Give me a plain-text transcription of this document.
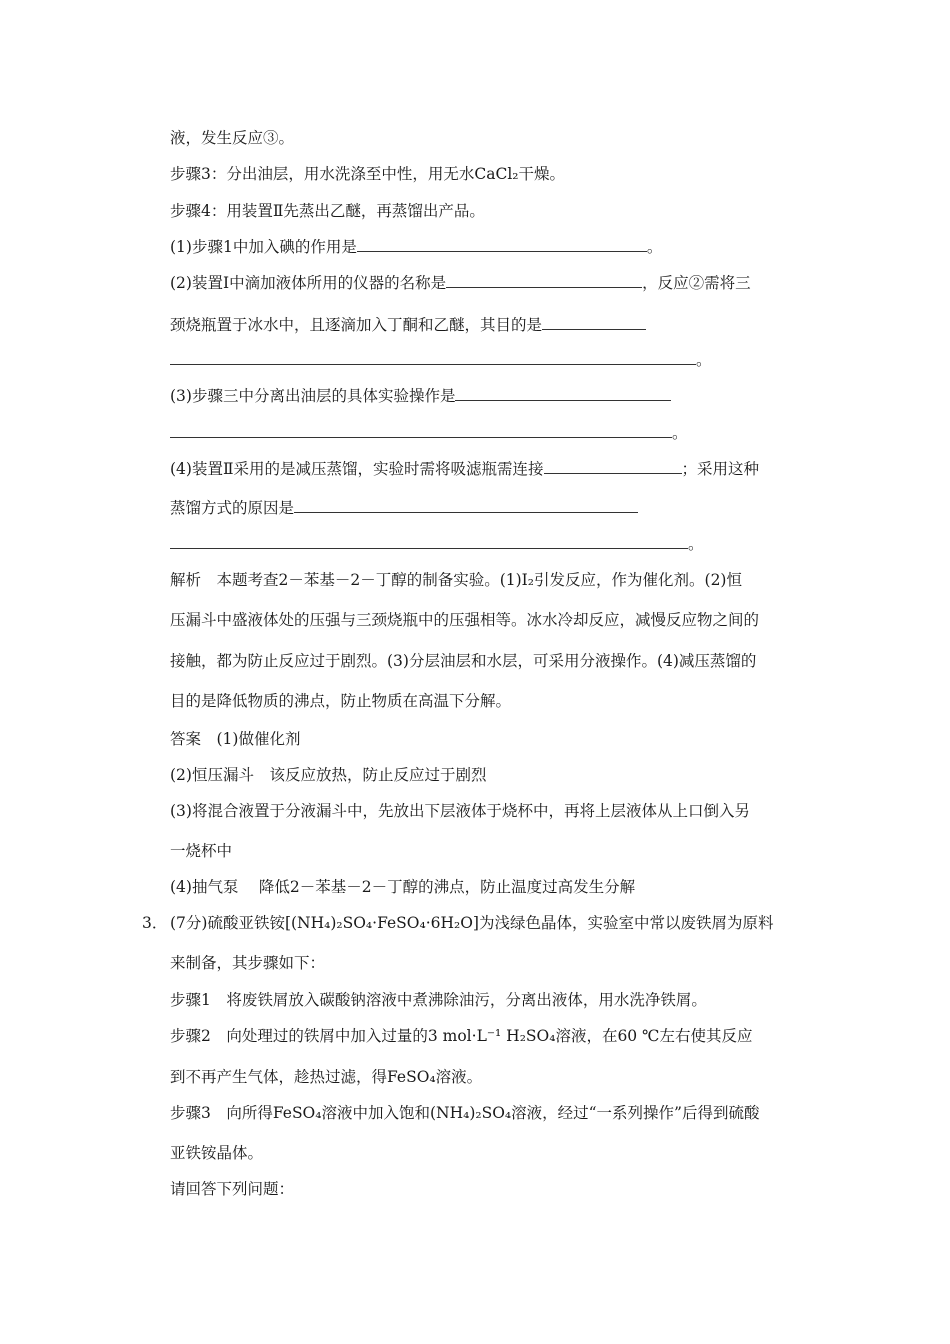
液，发生反应③。
步骤3：分出油层，用水洗涤至中性，用无水CaCl₂干燥。
步骤4：用装置Ⅱ先蒸出乙醚，再蒸馏出产品。
(1)步骤1中加入碘的作用是	。
(2)装置Ⅰ中滴加液体所用的仪器的名称是	，反应②需将三
颈烧瓶置于冰水中，且逐滴加入丁酮和乙醚，其目的是
。
(3)步骤三中分离出油层的具体实验操作是
。
(4)装置Ⅱ采用的是减压蒸馏，实验时需将吸滤瓶需连接	；采用这种
蒸馏方式的原因是
。
解析　本题考查2－苯基－2－丁醇的制备实验。(1)I₂引发反应，作为催化剂。(2)恒
压漏斗中盛液体处的压强与三颈烧瓶中的压强相等。冰水冷却反应，减慢反应物之间的
接触，都为防止反应过于剧烈。(3)分层油层和水层，可采用分液操作。(4)减压蒸馏的
目的是降低物质的沸点，防止物质在高温下分解。
答案　(1)做催化剂
(2)恒压漏斗　该反应放热，防止反应过于剧烈
(3)将混合液置于分液漏斗中，先放出下层液体于烧杯中，再将上层液体从上口倒入另
一烧杯中
(4)抽气泵　 降低2－苯基－2－丁醇的沸点，防止温度过高发生分解
3． (7分)硫酸亚铁铵[(NH₄)₂SO₄·FeSO₄·6H₂O]为浅绿色晶体，实验室中常以废铁屑为原料
来制备，其步骤如下：
步骤1　将废铁屑放入碳酸钠溶液中煮沸除油污，分离出液体，用水洗净铁屑。
步骤2　向处理过的铁屑中加入过量的3 mol·L⁻¹ H₂SO₄溶液，在60 ℃左右使其反应
到不再产生气体，趁热过滤，得FeSO₄溶液。
步骤3　向所得FeSO₄溶液中加入饱和(NH₄)₂SO₄溶液，经过“一系列操作”后得到硫酸
亚铁铵晶体。
请回答下列问题：
